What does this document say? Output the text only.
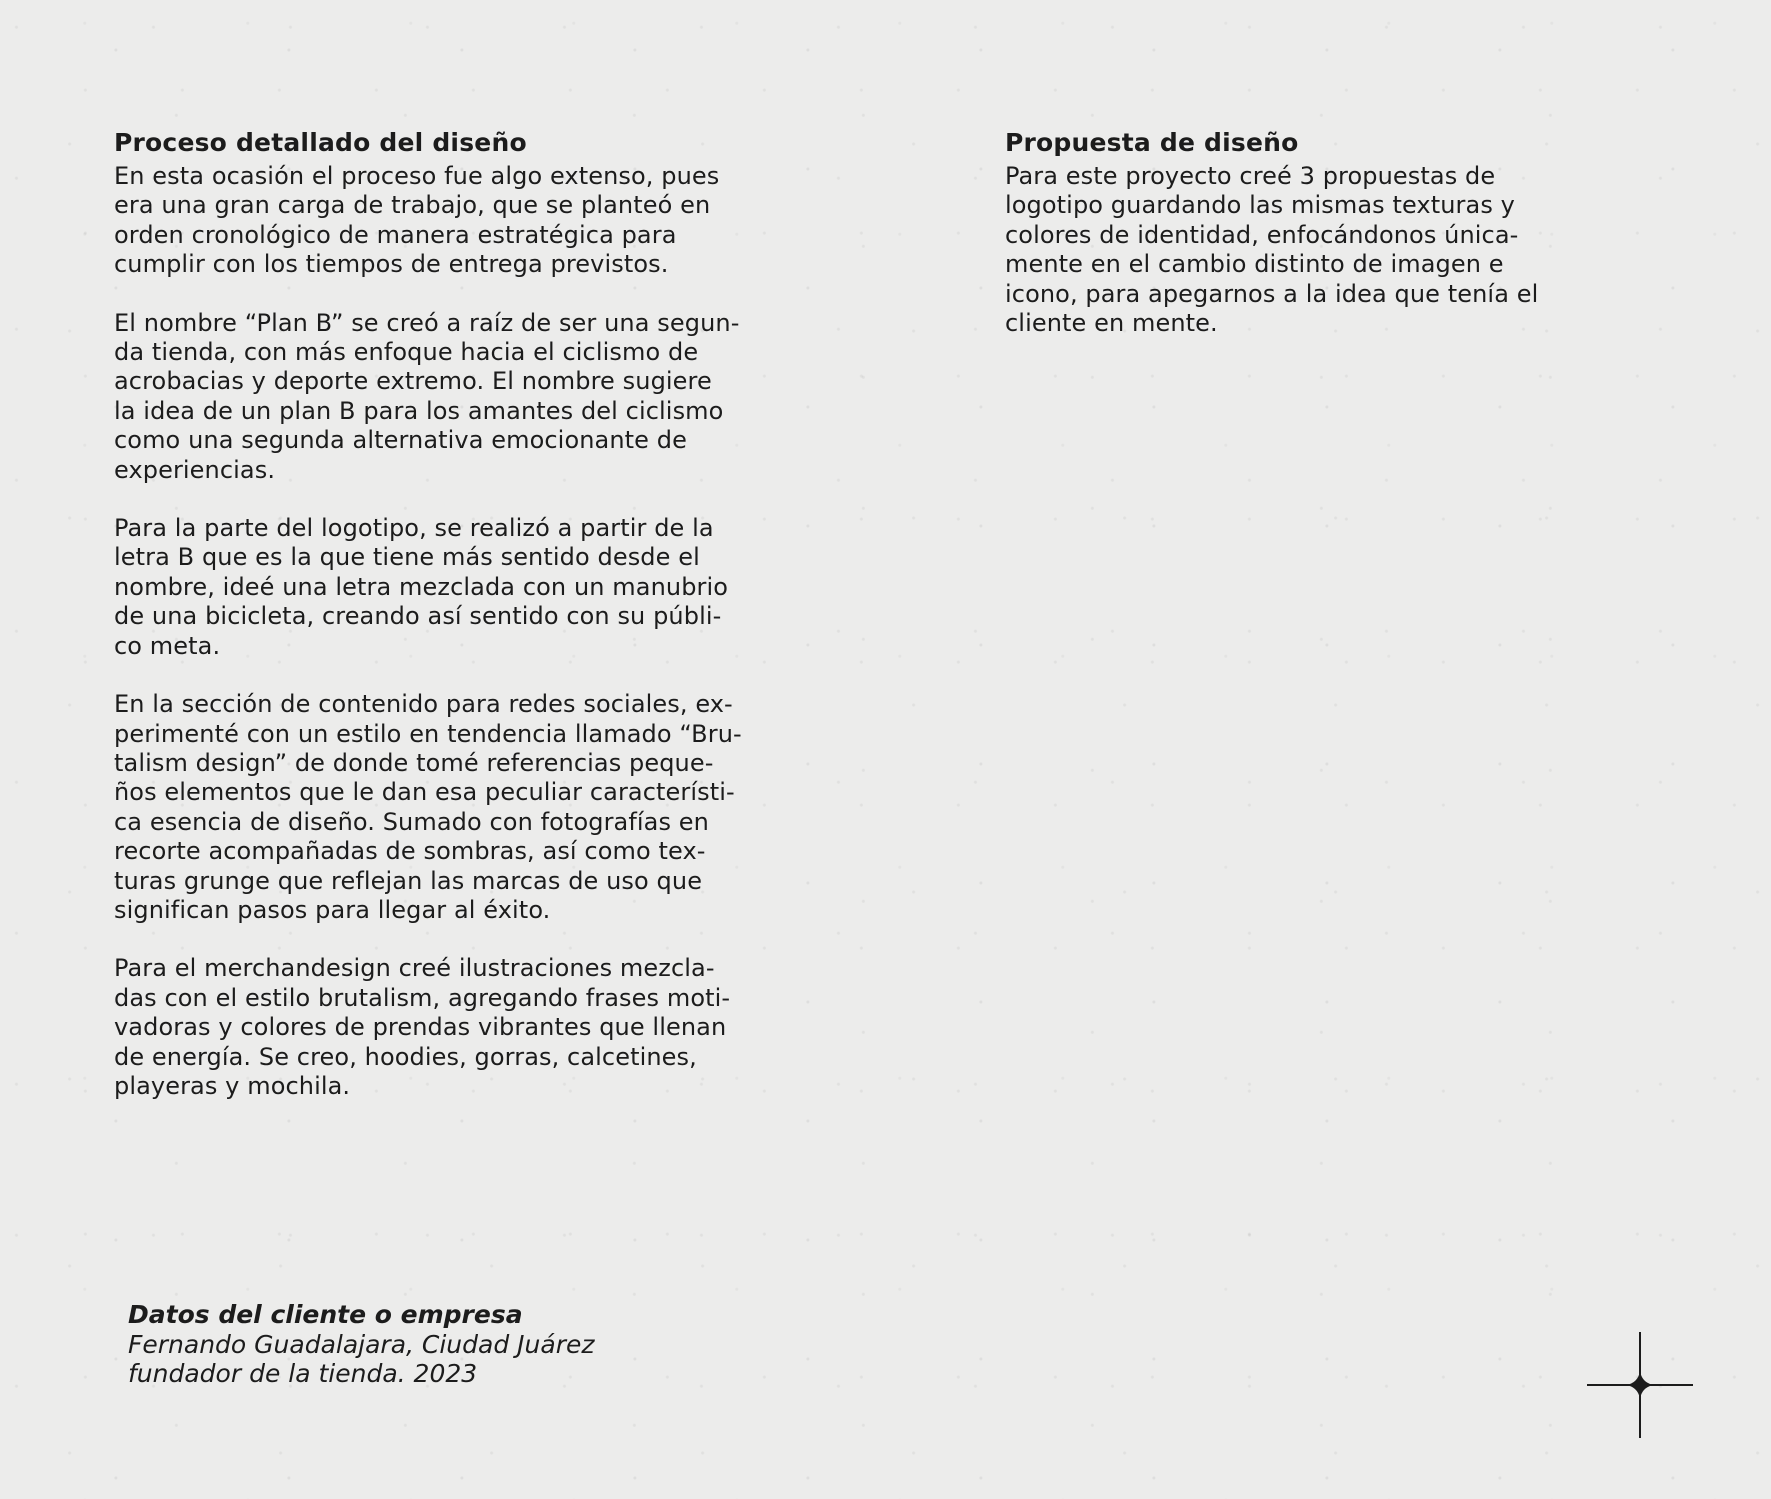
Proceso detallado del diseño
En esta ocasión el proceso fue algo extenso, pues
era una gran carga de trabajo, que se planteó en
orden cronológico de manera estratégica para
cumplir con los tiempos de entrega previstos.
El nombre “Plan B” se creó a raíz de ser una segun-
da tienda, con más enfoque hacia el ciclismo de
acrobacias y deporte extremo. El nombre sugiere
la idea de un plan B para los amantes del ciclismo
como una segunda alternativa emocionante de
experiencias.
Para la parte del logotipo, se realizó a partir de la
letra B que es la que tiene más sentido desde el
nombre, ideé una letra mezclada con un manubrio
de una bicicleta, creando así sentido con su públi-
co meta.
En la sección de contenido para redes sociales, ex-
perimenté con un estilo en tendencia llamado “Bru-
talism design” de donde tomé referencias peque-
ños elementos que le dan esa peculiar característi-
ca esencia de diseño. Sumado con fotografías en
recorte acompañadas de sombras, así como tex-
turas grunge que reflejan las marcas de uso que
significan pasos para llegar al éxito.
Para el merchandesign creé ilustraciones mezcla-
das con el estilo brutalism, agregando frases moti-
vadoras y colores de prendas vibrantes que llenan
de energía. Se creo, hoodies, gorras, calcetines,
playeras y mochila.
Propuesta de diseño
Para este proyecto creé 3 propuestas de
logotipo guardando las mismas texturas y
colores de identidad, enfocándonos única-
mente en el cambio distinto de imagen e
icono, para apegarnos a la idea que tenía el
cliente en mente.
Datos del cliente o empresa
Fernando Guadalajara, Ciudad Juárez
fundador de la tienda. 2023
